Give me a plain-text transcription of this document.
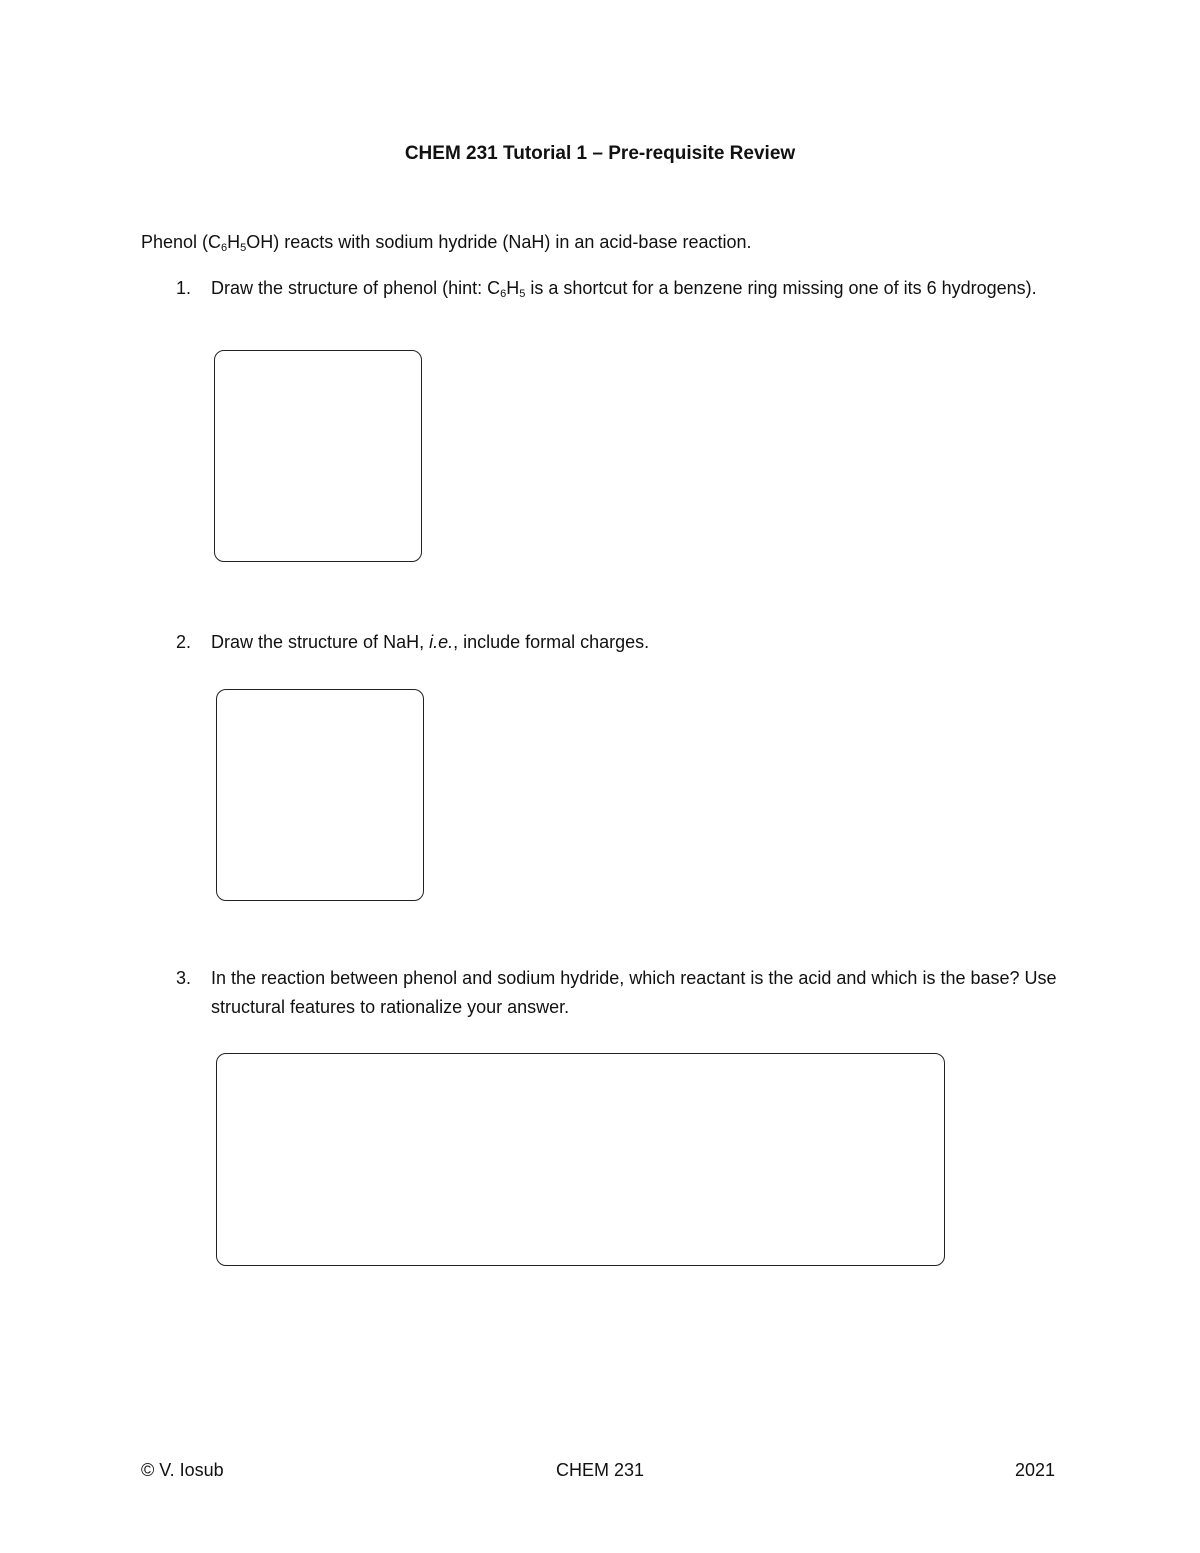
CHEM 231 Tutorial 1 – Pre-requisite Review
Phenol $(C_6H_5OH)$ reacts with sodium hydride (NaH) in an acid-base reaction.
1. Draw the structure of phenol (hint: $C_6H_5$ is a shortcut for a benzene ring missing one of its 6 hydrogens).
2. Draw the structure of NaH, i.e., include formal charges.
3. In the reaction between phenol and sodium hydride, which reactant is the acid and which is the base? Use structural features to rationalize your answer.
© V. Iosub	CHEM 231	2021
